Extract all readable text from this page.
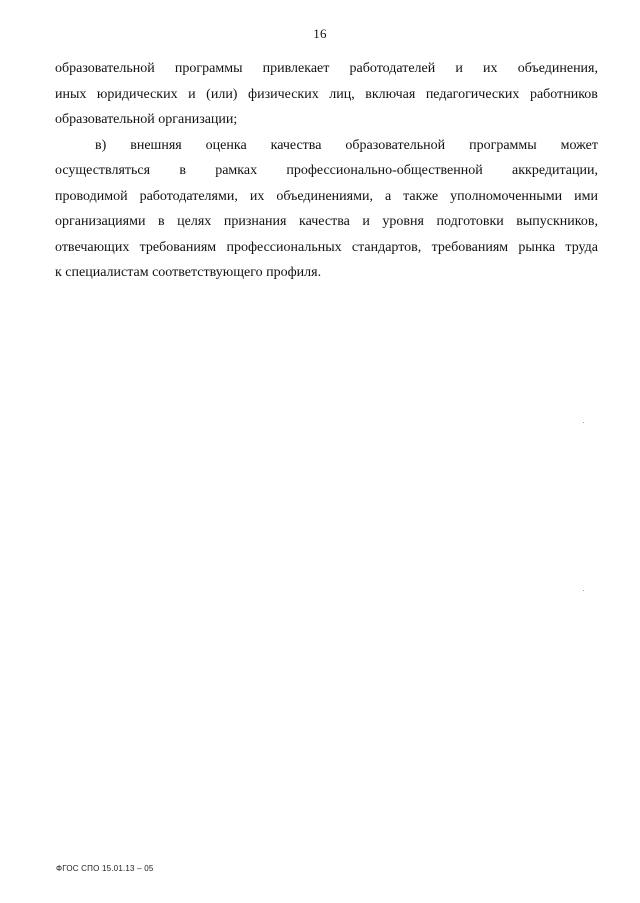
16
образовательной программы привлекает работодателей и их объединения,
иных юридических и (или) физических лиц, включая педагогических работников
образовательной организации;
в) внешняя оценка качества образовательной программы может
осуществляться в рамках профессионально-общественной аккредитации,
проводимой работодателями, их объединениями, а также уполномоченными ими
организациями в целях признания качества и уровня подготовки выпускников,
отвечающих требованиям профессиональных стандартов, требованиям рынка труда
к специалистам соответствующего профиля.
ФГОС СПО 15.01.13 – 05
